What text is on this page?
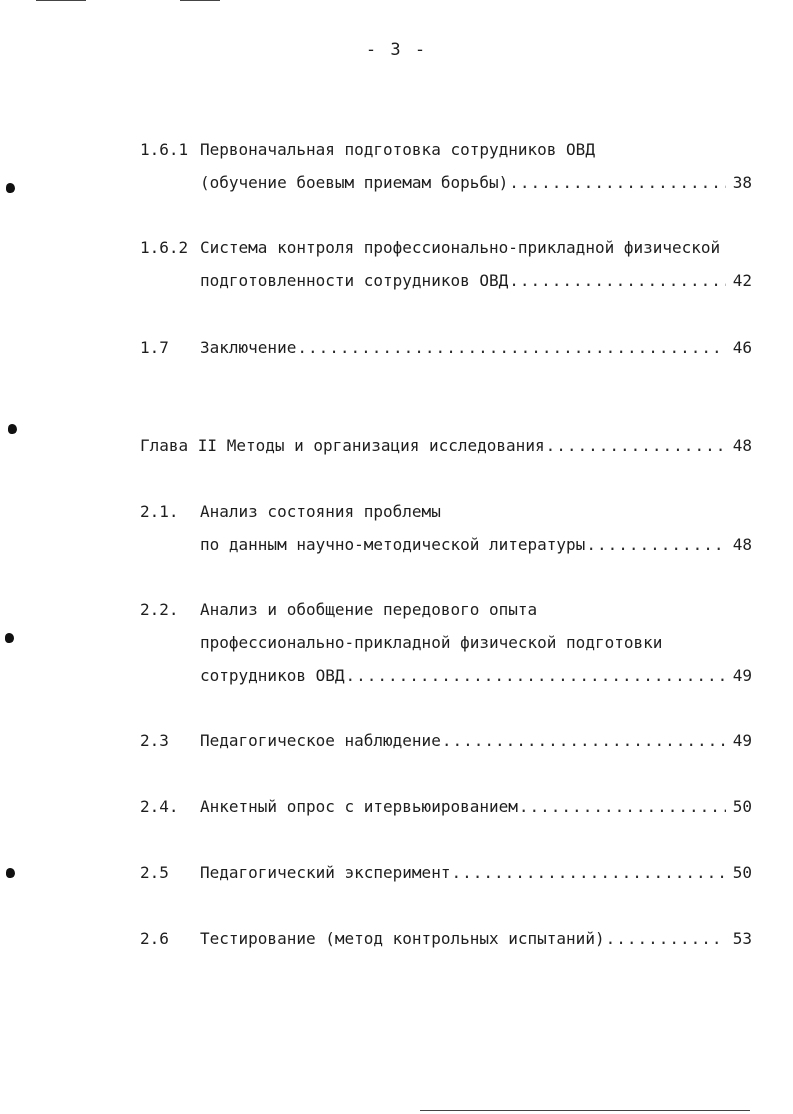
- 3 -
1.6.1 Первоначальная подготовка сотрудников ОВД
(обучение боевым приемам борьбы) .....	38
1.6.2 Система контроля профессионально-прикладной физической
подготовленности сотрудников ОВД .....	42
1.7 Заключение .....	46
Глава II Методы и организация исследования .....	48
2.1. Анализ состояния проблемы
по данным научно-методической литературы .....	48
2.2. Анализ и обобщение передового опыта
профессионально-прикладной физической подготовки
сотрудников ОВД .....	49
2.3 Педагогическое наблюдение .....	49
2.4. Анкетный опрос с итервьюированием .....	50
2.5 Педагогический эксперимент .....	50
2.6 Тестирование (метод контрольных испытаний) .....	53
